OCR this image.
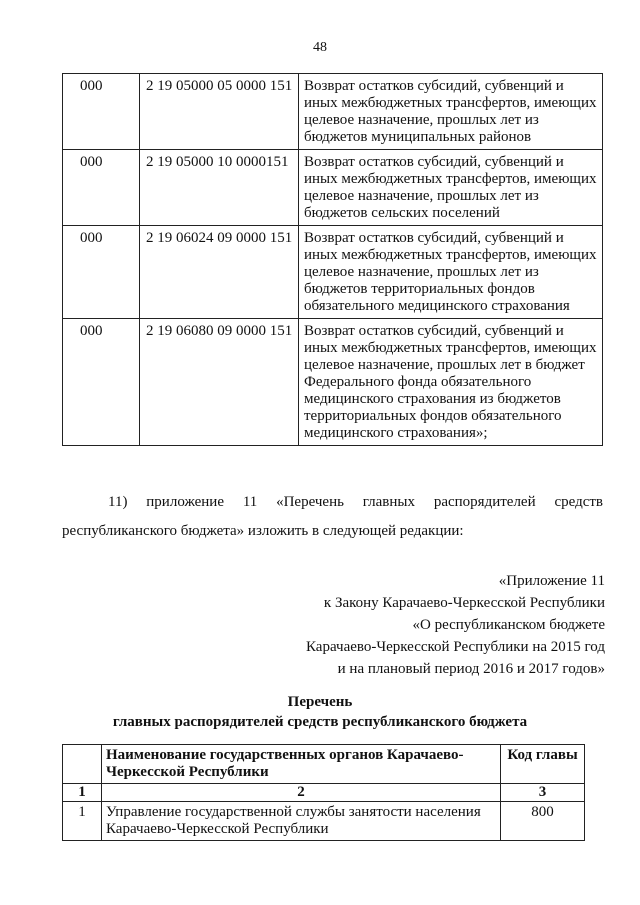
48
000	2 19 05000 05 0000 151	Возврат остатков субсидий, субвенций и иных межбюджетных трансфертов, имеющих целевое назначение, прошлых лет из бюджетов муниципальных районов
000	2 19 05000 10 0000151	Возврат остатков субсидий, субвенций и иных межбюджетных трансфертов, имеющих целевое назначение, прошлых лет из бюджетов сельских поселений
000	2 19 06024 09 0000 151	Возврат остатков субсидий, субвенций и иных межбюджетных трансфертов, имеющих целевое назначение, прошлых лет из бюджетов территориальных фондов обязательного медицинского страхования
000	2 19 06080 09 0000 151	Возврат остатков субсидий, субвенций и иных межбюджетных трансфертов, имеющих целевое назначение, прошлых лет в бюджет Федерального фонда обязательного медицинского страхования из бюджетов территориальных фондов обязательного медицинского страхования»;
11) приложение 11 «Перечень главных распорядителей средств республиканского бюджета» изложить в следующей редакции:
«Приложение 11
к Закону Карачаево-Черкесской Республики
«О республиканском бюджете
Карачаево-Черкесской Республики на 2015 год
и на плановый период 2016 и 2017 годов»
Перечень
главных распорядителей средств республиканского бюджета
	Наименование государственных органов Карачаево-Черкесской Республики	Код главы
1	2	3
1	Управление государственной службы занятости населения Карачаево-Черкесской Республики	800
